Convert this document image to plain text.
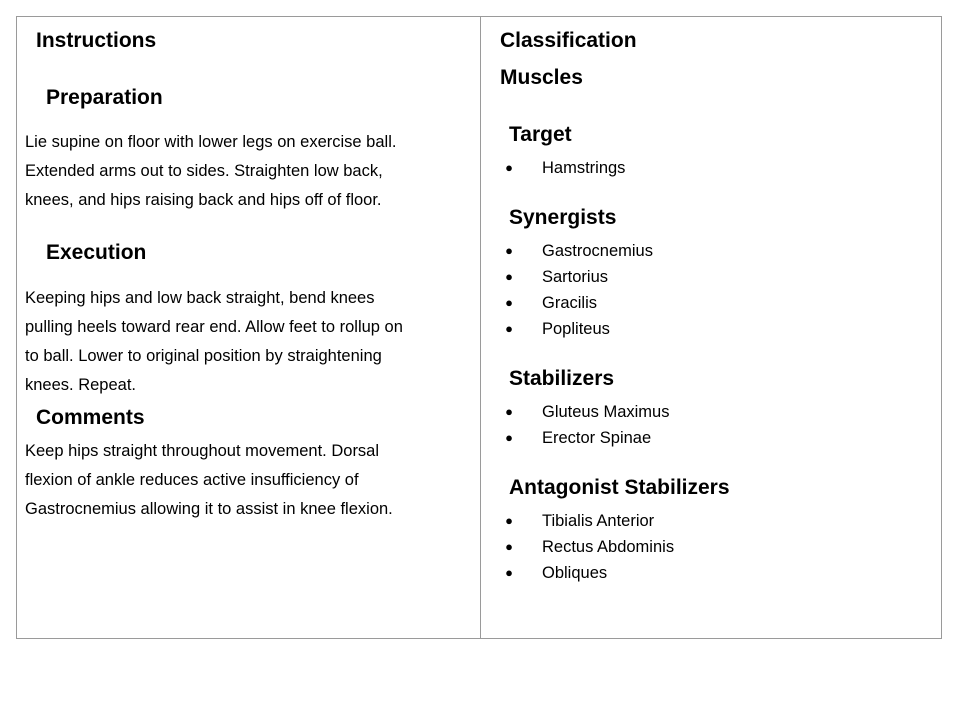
Instructions
Preparation
Lie supine on floor with lower legs on exercise ball.
Extended arms out to sides. Straighten low back,
knees, and hips raising back and hips off of floor.
Execution
Keeping hips and low back straight, bend knees
pulling heels toward rear end. Allow feet to rollup on
to ball. Lower to original position by straightening
knees. Repeat.
Comments
Keep hips straight throughout movement. Dorsal
flexion of ankle reduces active insufficiency of
Gastrocnemius allowing it to assist in knee flexion.
Classification
Muscles
Target
● Hamstrings
Synergists
● Gastrocnemius
● Sartorius
● Gracilis
● Popliteus
Stabilizers
● Gluteus Maximus
● Erector Spinae
Antagonist Stabilizers
● Tibialis Anterior
● Rectus Abdominis
● Obliques
